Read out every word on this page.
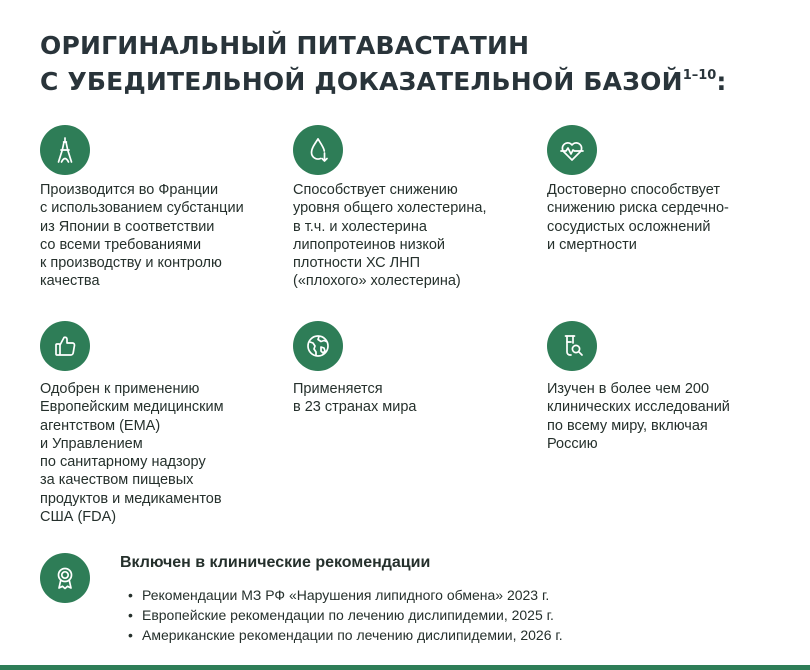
ОРИГИНАЛЬНЫЙ ПИТАВАСТАТИН
С УБЕДИТЕЛЬНОЙ ДОКАЗАТЕЛЬНОЙ БАЗОЙ$^{1-10}$:
Производится во Франции
с использованием субстанции
из Японии в соответствии
со всеми требованиями
к производству и контролю
качества
Способствует снижению
уровня общего холестерина,
в т.ч. и холестерина
липопротеинов низкой
плотности ХС ЛНП
(«плохого» холестерина)
Достоверно способствует
снижению риска сердечно-
сосудистых осложнений
и смертности
Одобрен к применению
Европейским медицинским
агентством (EMA)
и Управлением
по санитарному надзору
за качеством пищевых
продуктов и медикаментов
США (FDA)
Применяется
в 23 странах мира
Изучен в более чем 200
клинических исследований
по всему миру, включая
Россию
Включен в клинические рекомендации
• Рекомендации МЗ РФ «Нарушения липидного обмена» 2023 г.
• Европейские рекомендации по лечению дислипидемии, 2025 г.
• Американские рекомендации по лечению дислипидемии, 2026 г.
